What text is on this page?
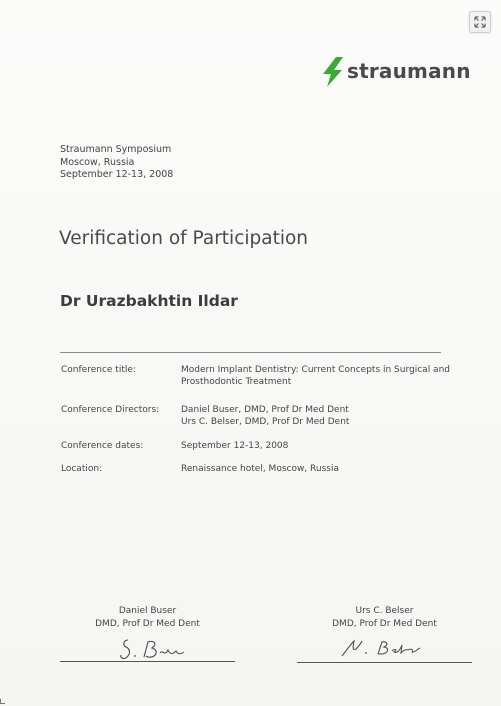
straumann
Straumann Symposium
Moscow, Russia
September 12-13, 2008
Verification of Participation
Dr Urazbakhtin Ildar
Conference title:	Modern Implant Dentistry: Current Concepts in Surgical and
Prosthodontic Treatment
Conference Directors: Daniel Buser, DMD, Prof Dr Med Dent
Urs C. Belser, DMD, Prof Dr Med Dent
Conference dates:	September 12-13, 2008
Location:	Renaissance hotel, Moscow, Russia
Daniel Buser
DMD, Prof Dr Med Dent
Urs C. Belser
DMD, Prof Dr Med Dent
